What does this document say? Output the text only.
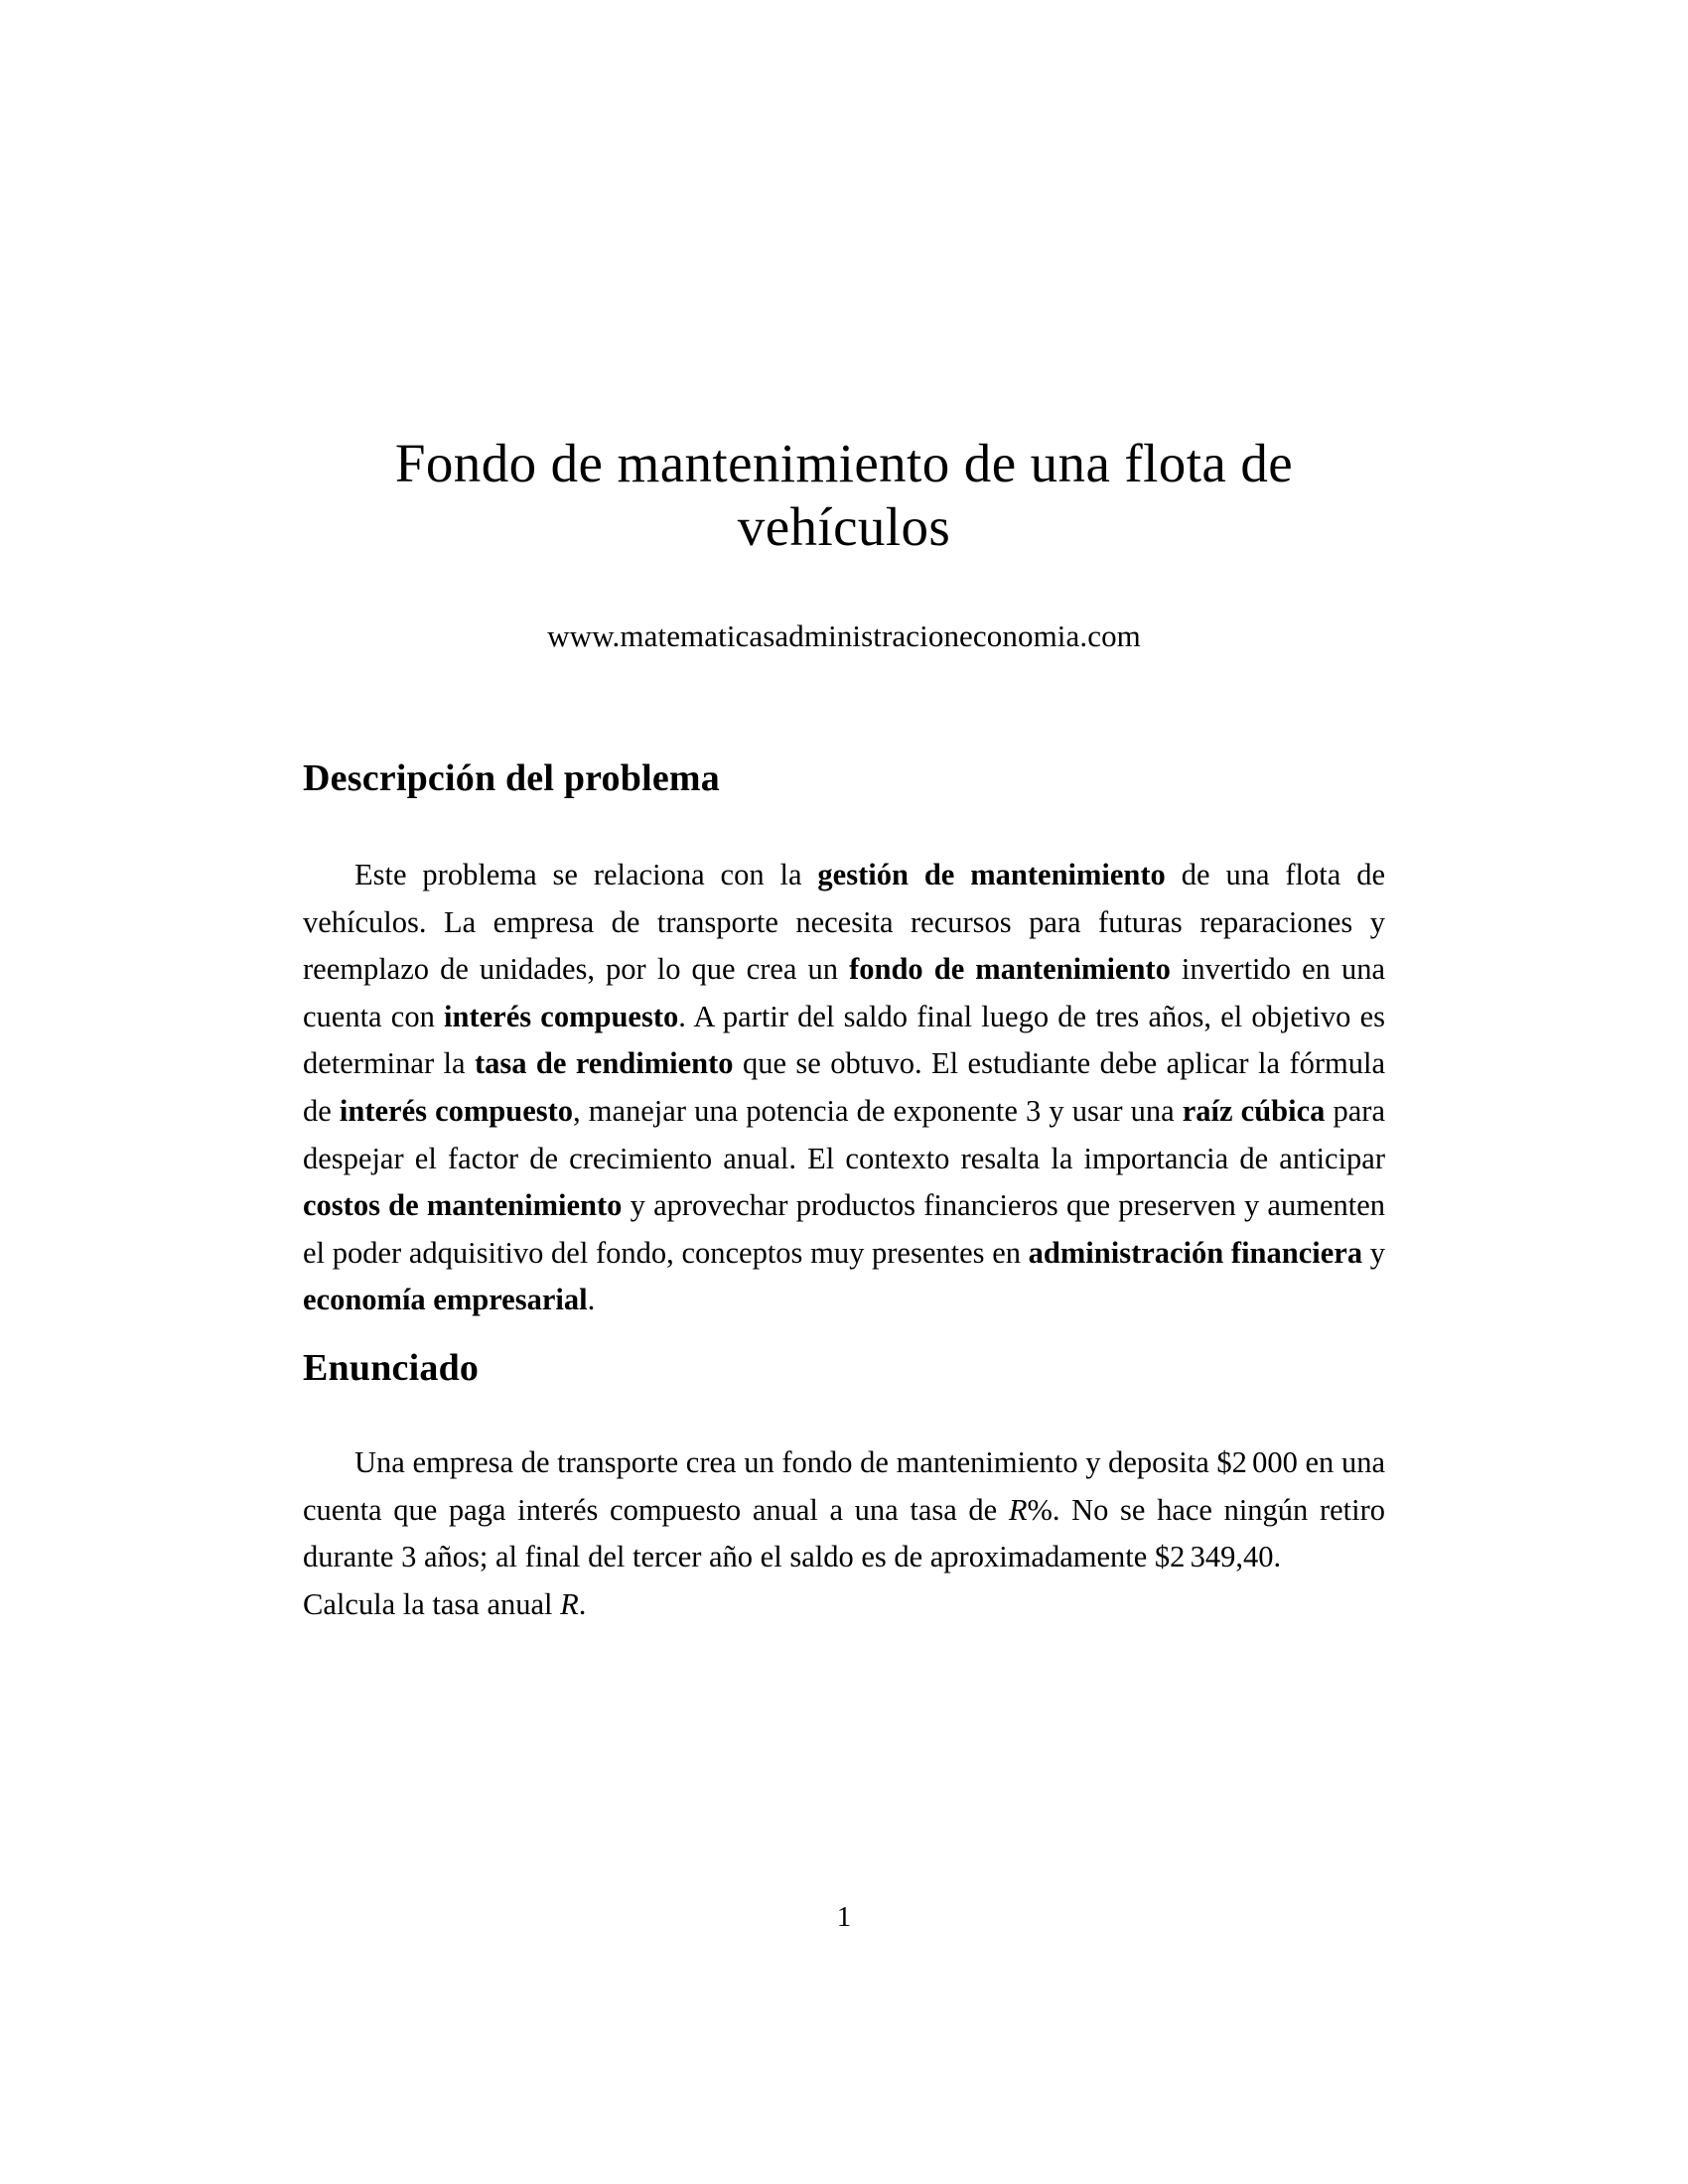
Fondo de mantenimiento de una flota de vehículos

www.matematicasadministracioneconomia.com

Descripción del problema

Este problema se relaciona con la gestión de mantenimiento de una flota de vehículos. La empresa de transporte necesita recursos para futuras reparaciones y reemplazo de unidades, por lo que crea un fondo de mantenimiento invertido en una cuenta con interés compuesto. A partir del saldo final luego de tres años, el objetivo es determinar la tasa de rendimiento que se obtuvo. El estudiante debe aplicar la fórmula de interés compuesto, manejar una potencia de exponente 3 y usar una raíz cúbica para despejar el factor de crecimiento anual. El contexto resalta la importancia de anticipar costos de mantenimiento y aprovechar productos financieros que preserven y aumenten el poder adquisitivo del fondo, conceptos muy presentes en administración financiera y economía empresarial.

Enunciado

Una empresa de transporte crea un fondo de mantenimiento y deposita $2 000 en una cuenta que paga interés compuesto anual a una tasa de R%. No se hace ningún retiro durante 3 años; al final del tercer año el saldo es de aproximadamente $2 349,40.

Calcula la tasa anual R.

1
